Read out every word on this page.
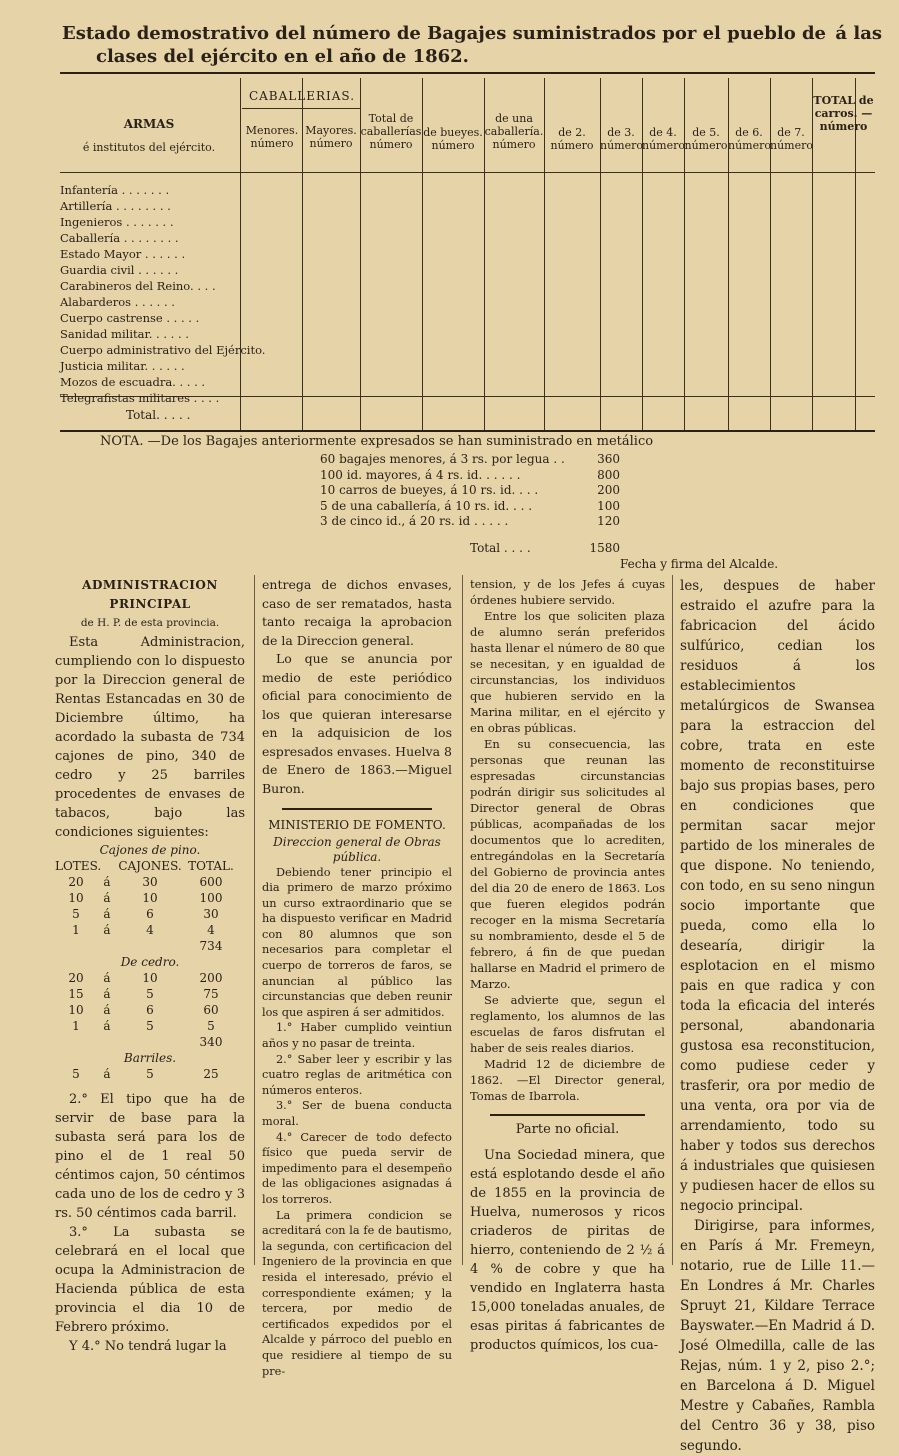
Estado demostrativo del número de Bagajes suministrados por el pueblo de á las
clases del ejército en el año de 1862.
ARMAS
é institutos del ejército.
CABALLERIAS.
Menores. número
Mayores. número
Total de caballerías número
de bueyes. número
de una caballería. número
de 2. número
de 3. número
de 4. número
de 5. número
de 6. número
de 7. número
TOTAL de carros. — número
Infantería . . . . . . .
Artillería . . . . . . . .
Ingenieros . . . . . . .
Caballería . . . . . . . .
Estado Mayor . . . . . .
Guardia civil . . . . . .
Carabineros del Reino. . . .
Alabarderos . . . . . .
Cuerpo castrense . . . . .
Sanidad militar. . . . . .
Cuerpo administrativo del Ejército.
Justicia militar. . . . . .
Mozos de escuadra. . . . .
Telegrafistas militares . . . .
Total. . . . .
NOTA. —De los Bagajes anteriormente expresados se han suministrado en metálico
60 bagajes menores, á 3 rs. por legua . .	360
100 id. mayores, á 4 rs. id. . . . . .	800
10 carros de bueyes, á 10 rs. id. . . .	200
5 de una caballería, á 10 rs. id. . . .	100
3 de cinco id., á 20 rs. id . . . . .	120
Total . . . .	1580
Fecha y firma del Alcalde.

ADMINISTRACION PRINCIPAL

de H. P. de esta provincia.

Esta Administracion, cumpliendo con lo dispuesto por la Direccion general de Rentas Estancadas en 30 de Diciembre último, ha acordado la subasta de 734 cajones de pino, 340 de cedro y 25 barriles procedentes de envases de tabacos, bajo las condiciones siguientes:

Cajones de pino.

LOTES. CAJONES. TOTAL.
20	á	30	600
10	á	10	100
5	á	6	30
1	á	4	4
734

De cedro.

20	á	10	200
15	á	5	75
10	á	6	60
1	á	5	5
340

Barriles.

5	á	5	25

2.° El tipo que ha de servir de base para la subasta será para los de pino el de 1 real 50 céntimos cajon, 50 céntimos cada uno de los de cedro y 3 rs. 50 céntimos cada barril.

3.° La subasta se celebrará en el local que ocupa la Administracion de Hacienda pública de esta provincia el dia 10 de Febrero próximo.

Y 4.° No tendrá lugar la

entrega de dichos envases, caso de ser rematados, hasta tanto recaiga la aprobacion de la Direccion general.

Lo que se anuncia por medio de este periódico oficial para conocimiento de los que quieran interesarse en la adquisicion de los espresados envases. Huelva 8 de Enero de 1863.—Miguel Buron.

MINISTERIO DE FOMENTO.

Direccion general de Obras

pública.

Debiendo tener principio el dia primero de marzo próximo un curso extraordinario que se ha dispuesto verificar en Madrid con 80 alumnos que son necesarios para completar el cuerpo de torreros de faros, se anuncian al público las circunstancias que deben reunir los que aspiren á ser admitidos.

1.° Haber cumplido veintiun años y no pasar de treinta.

2.° Saber leer y escribir y las cuatro reglas de aritmética con números enteros.

3.° Ser de buena conducta moral.

4.° Carecer de todo defecto físico que pueda servir de impedimento para el desempeño de las obligaciones asignadas á los torreros.

La primera condicion se acreditará con la fe de bautismo, la segunda, con certificacion del Ingeniero de la provincia en que resida el interesado, prévio el correspondiente exámen; y la tercera, por medio de certificados expedidos por el Alcalde y párroco del pueblo en que residiere al tiempo de su pre-

tension, y de los Jefes á cuyas órdenes hubiere servido.

Entre los que soliciten plaza de alumno serán preferidos hasta llenar el número de 80 que se necesitan, y en igualdad de circunstancias, los individuos que hubieren servido en la Marina militar, en el ejército y en obras públicas.

En su consecuencia, las personas que reunan las espresadas circunstancias podrán dirigir sus solicitudes al Director general de Obras públicas, acompañadas de los documentos que lo acrediten, entregándolas en la Secretaría del Gobierno de provincia antes del dia 20 de enero de 1863. Los que fueren elegidos podrán recoger en la misma Secretaría su nombramiento, desde el 5 de febrero, á fin de que puedan hallarse en Madrid el primero de Marzo.

Se advierte que, segun el reglamento, los alumnos de las escuelas de faros disfrutan el haber de seis reales diarios.

Madrid 12 de diciembre de 1862. —El Director general, Tomas de Ibarrola.

Parte no oficial.

Una Sociedad minera, que está esplotando desde el año de 1855 en la provincia de Huelva, numerosos y ricos criaderos de piritas de hierro, conteniendo de 2 ½ á 4 % de cobre y que ha vendido en Inglaterra hasta 15,000 toneladas anuales, de esas piritas á fabricantes de productos químicos, los cua-

les, despues de haber estraido el azufre para la fabricacion del ácido sulfúrico, cedian los residuos á los establecimientos metalúrgicos de Swansea para la estraccion del cobre, trata en este momento de reconstituirse bajo sus propias bases, pero en condiciones que permitan sacar mejor partido de los minerales de que dispone. No teniendo, con todo, en su seno ningun socio importante que pueda, como ella lo desearía, dirigir la esplotacion en el mismo pais en que radica y con toda la eficacia del interés personal, abandonaria gustosa esa reconstitucion, como pudiese ceder y trasferir, ora por medio de una venta, ora por via de arrendamiento, todo su haber y todos sus derechos á industriales que quisiesen y pudiesen hacer de ellos su negocio principal.

Dirigirse, para informes, en París á Mr. Fremeyn, notario, rue de Lille 11.— En Londres á Mr. Charles Spruyt 21, Kildare Terrace Bayswater.—En Madrid á D. José Olmedilla, calle de las Rejas, núm. 1 y 2, piso 2.°; en Barcelona á D. Miguel Mestre y Cabañes, Rambla del Centro 36 y 38, piso segundo.
